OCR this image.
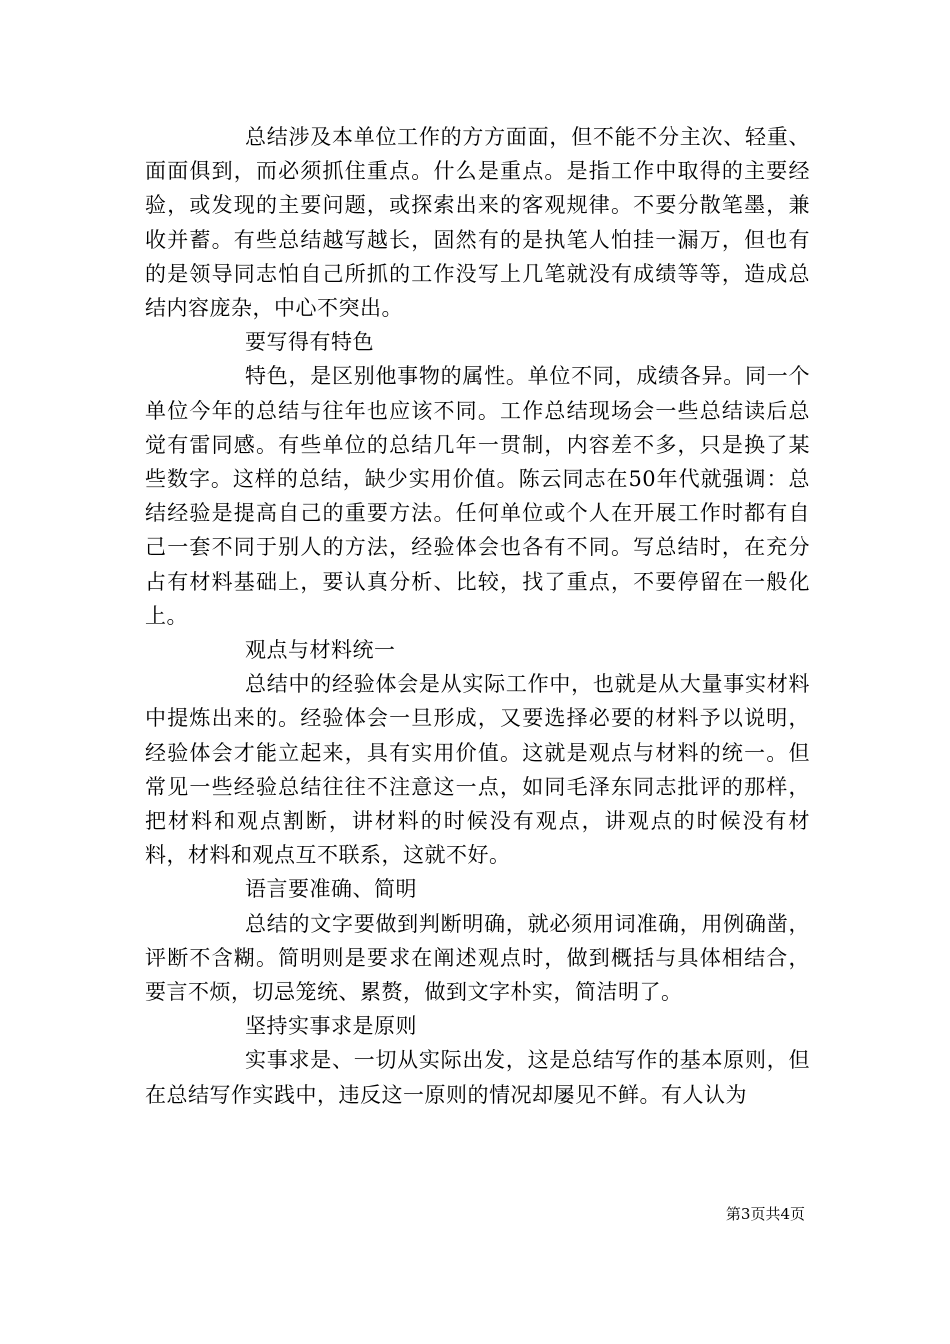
总结涉及本单位工作的方方面面，但不能不分主次、轻重、面面俱到，而必须抓住重点。什么是重点。是指工作中取得的主要经验，或发现的主要问题，或探索出来的客观规律。不要分散笔墨，兼收并蓄。有些总结越写越长，固然有的是执笔人怕挂一漏万，但也有的是领导同志怕自己所抓的工作没写上几笔就没有成绩等等，造成总结内容庞杂，中心不突出。

要写得有特色

特色，是区别他事物的属性。单位不同，成绩各异。同一个单位今年的总结与往年也应该不同。工作总结现场会一些总结读后总觉有雷同感。有些单位的总结几年一贯制，内容差不多，只是换了某些数字。这样的总结，缺少实用价值。陈云同志在50年代就强调：总结经验是提高自己的重要方法。任何单位或个人在开展工作时都有自己一套不同于别人的方法，经验体会也各有不同。写总结时，在充分占有材料基础上，要认真分析、比较，找了重点，不要停留在一般化上。

观点与材料统一

总结中的经验体会是从实际工作中，也就是从大量事实材料中提炼出来的。经验体会一旦形成，又要选择必要的材料予以说明，经验体会才能立起来，具有实用价值。这就是观点与材料的统一。但常见一些经验总结往往不注意这一点，如同毛泽东同志批评的那样，把材料和观点割断，讲材料的时候没有观点，讲观点的时候没有材料，材料和观点互不联系，这就不好。

语言要准确、简明

总结的文字要做到判断明确，就必须用词准确，用例确凿，评断不含糊。简明则是要求在阐述观点时，做到概括与具体相结合，要言不烦，切忌笼统、累赘，做到文字朴实，简洁明了。

坚持实事求是原则

实事求是、一切从实际出发，这是总结写作的基本原则，但在总结写作实践中，违反这一原则的情况却屡见不鲜。有人认为

第3页共4页
